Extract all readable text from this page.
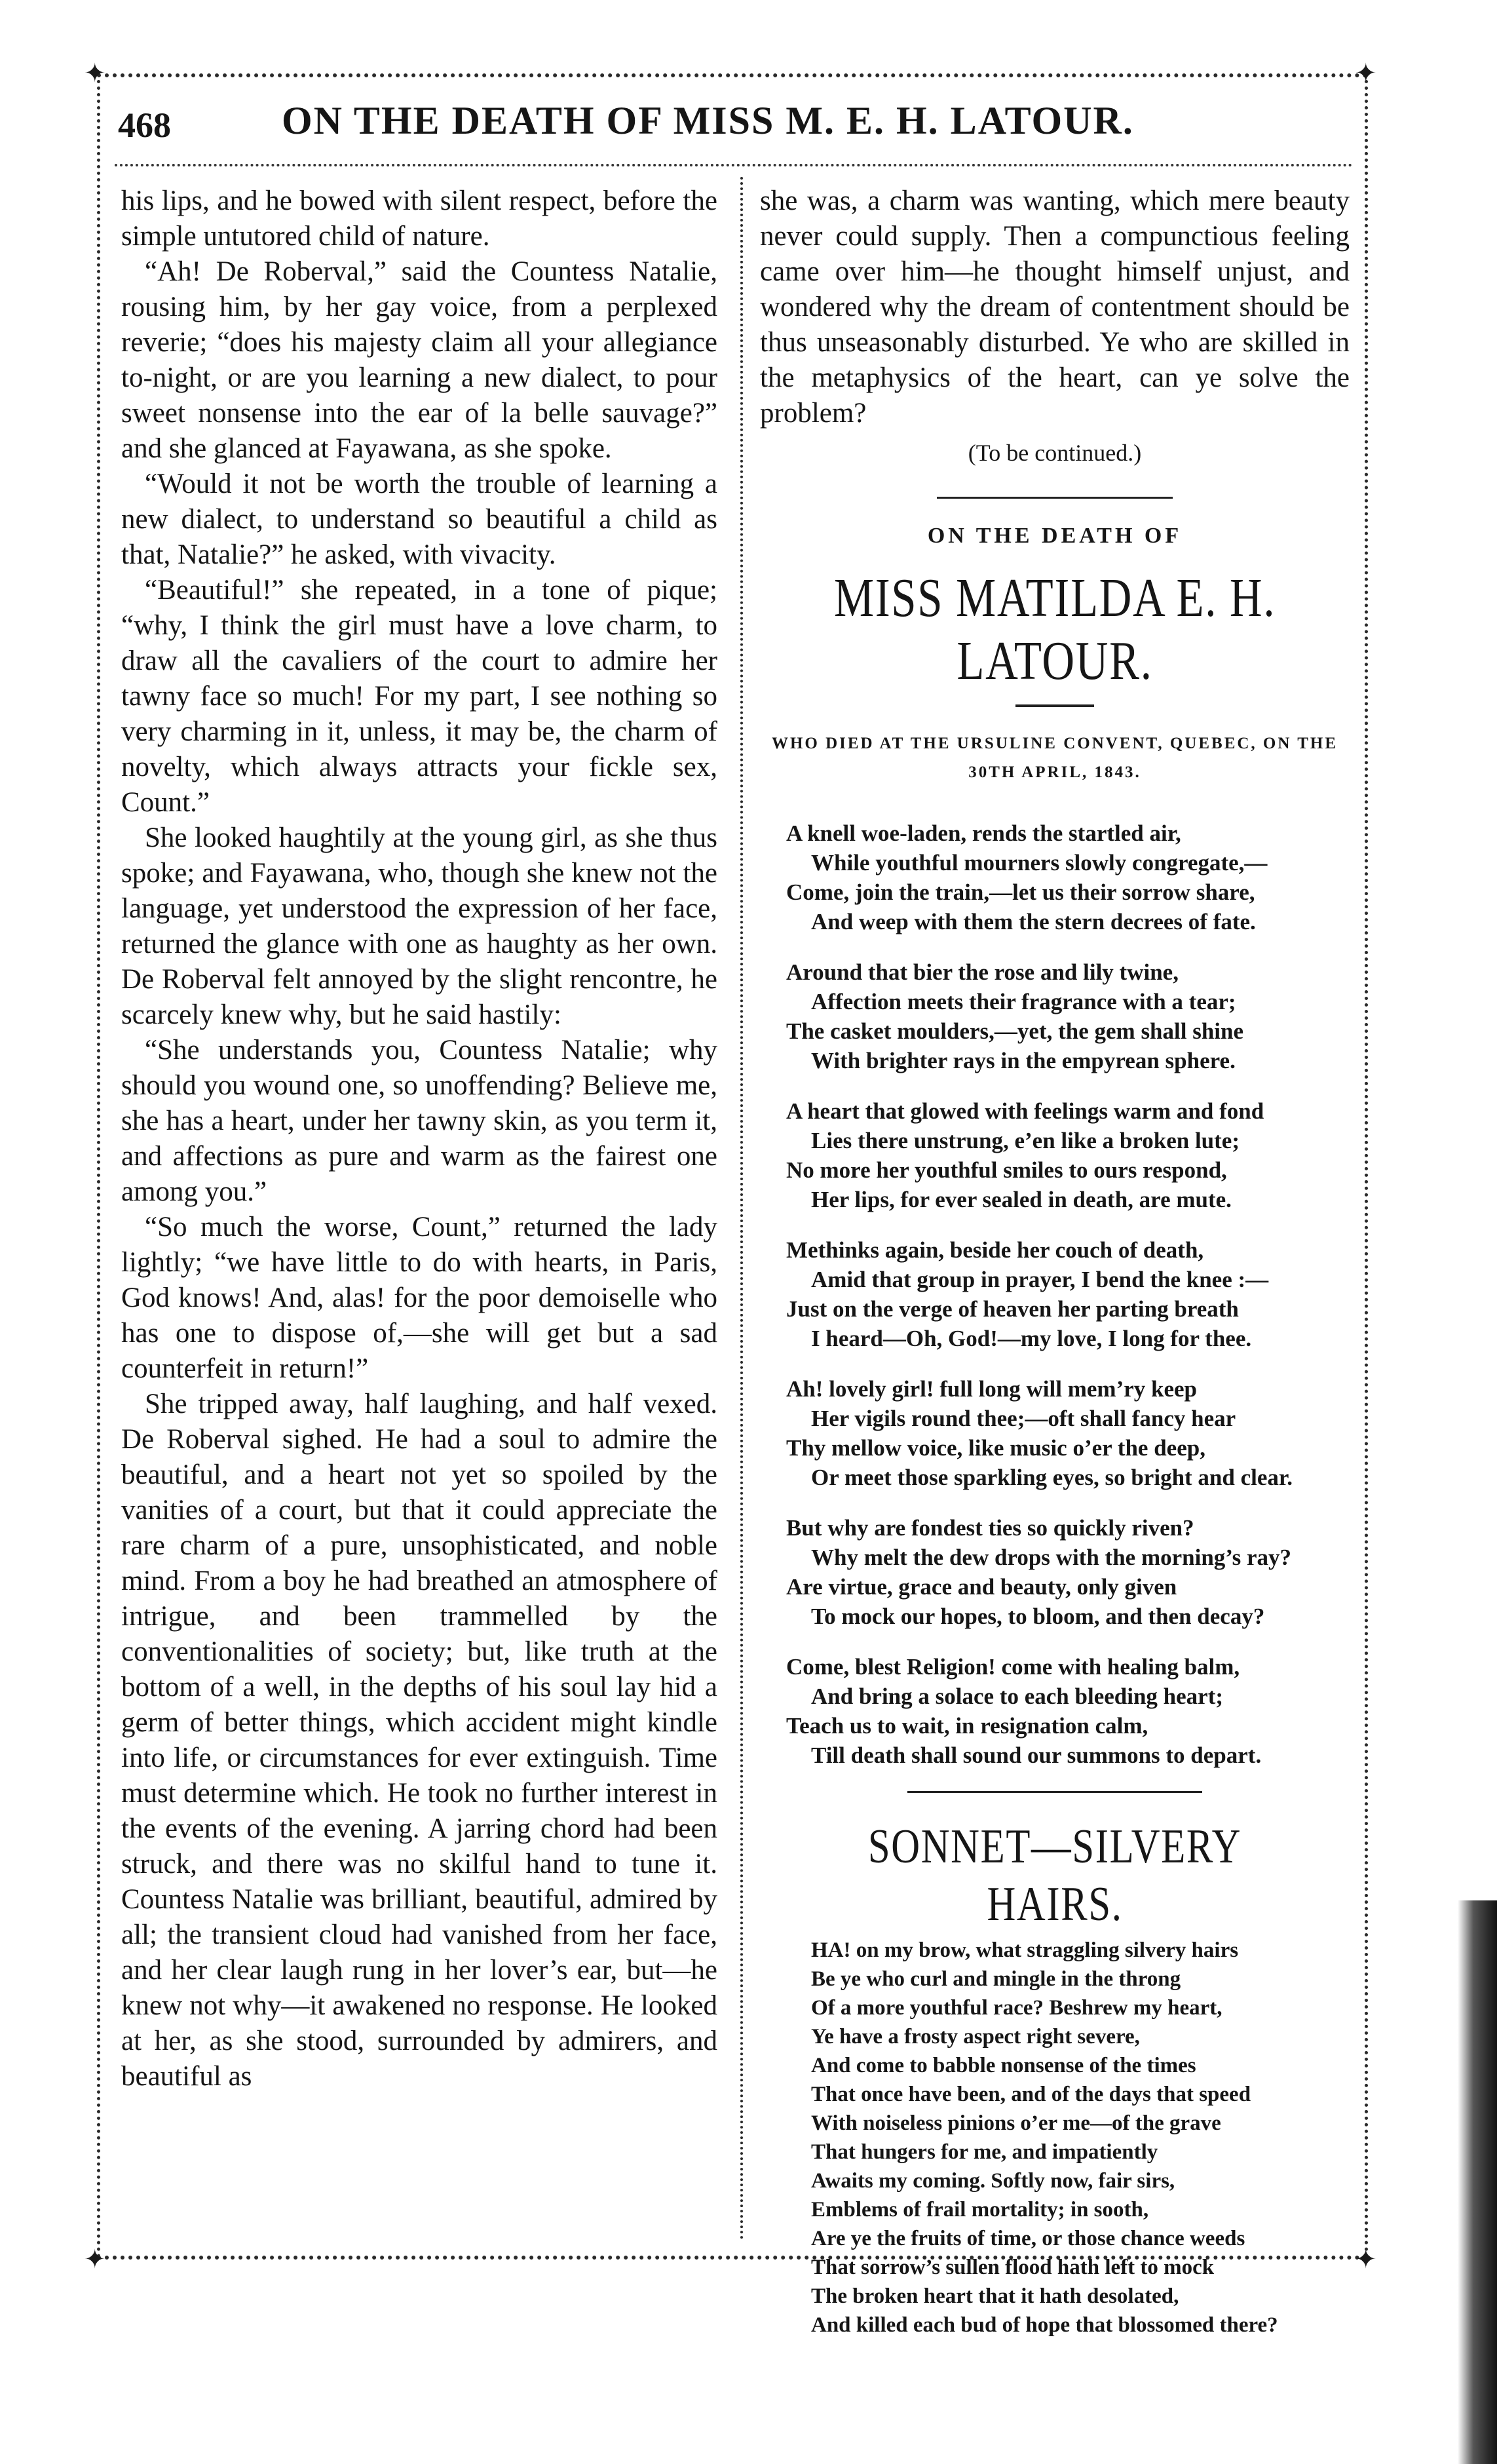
✦	✦
✦	✦
468	ON THE DEATH OF MISS M. E. H. LATOUR.

his lips, and he bowed with silent respect, before the simple untutored child of nature.

“Ah! De Roberval,” said the Countess Natalie, rousing him, by her gay voice, from a perplexed reverie; “does his majesty claim all your allegiance to-night, or are you learning a new dialect, to pour sweet nonsense into the ear of la belle sauvage?” and she glanced at Fayawana, as she spoke.

“Would it not be worth the trouble of learning a new dialect, to understand so beautiful a child as that, Natalie?” he asked, with vivacity.

“Beautiful!” she repeated, in a tone of pique; “why, I think the girl must have a love charm, to draw all the cavaliers of the court to admire her tawny face so much! For my part, I see nothing so very charming in it, unless, it may be, the charm of novelty, which always attracts your fickle sex, Count.”

She looked haughtily at the young girl, as she thus spoke; and Fayawana, who, though she knew not the language, yet understood the expression of her face, returned the glance with one as haughty as her own. De Roberval felt annoyed by the slight rencontre, he scarcely knew why, but he said hastily:

“She understands you, Countess Natalie; why should you wound one, so unoffending? Believe me, she has a heart, under her tawny skin, as you term it, and affections as pure and warm as the fairest one among you.”

“So much the worse, Count,” returned the lady lightly; “we have little to do with hearts, in Paris, God knows! And, alas! for the poor demoiselle who has one to dispose of,—she will get but a sad counterfeit in return!”

She tripped away, half laughing, and half vexed. De Roberval sighed. He had a soul to admire the beautiful, and a heart not yet so spoiled by the vanities of a court, but that it could appreciate the rare charm of a pure, unsophisticated, and noble mind. From a boy he had breathed an atmosphere of intrigue, and been trammelled by the conventionalities of society; but, like truth at the bottom of a well, in the depths of his soul lay hid a germ of better things, which accident might kindle into life, or circumstances for ever extinguish. Time must determine which. He took no further interest in the events of the evening. A jarring chord had been struck, and there was no skilful hand to tune it. Countess Natalie was brilliant, beautiful, admired by all; the transient cloud had vanished from her face, and her clear laugh rung in her lover’s ear, but—he knew not why—it awakened no response. He looked at her, as she stood, surrounded by admirers, and beautiful as

she was, a charm was wanting, which mere beauty never could supply. Then a compunctious feeling came over him—he thought himself unjust, and wondered why the dream of contentment should be thus unseasonably disturbed. Ye who are skilled in the metaphysics of the heart, can ye solve the problem?

(To be continued.)
ON THE DEATH OF
MISS MATILDA E. H. LATOUR.
WHO DIED AT THE URSULINE CONVENT, QUEBEC, ON THE
30TH APRIL, 1843.
A knell woe-laden, rends the startled air,
While youthful mourners slowly congregate,—
Come, join the train,—let us their sorrow share,
And weep with them the stern decrees of fate.
Around that bier the rose and lily twine,
Affection meets their fragrance with a tear;
The casket moulders,—yet, the gem shall shine
With brighter rays in the empyrean sphere.
A heart that glowed with feelings warm and fond
Lies there unstrung, e’en like a broken lute;
No more her youthful smiles to ours respond,
Her lips, for ever sealed in death, are mute.
Methinks again, beside her couch of death,
Amid that group in prayer, I bend the knee :—
Just on the verge of heaven her parting breath
I heard—Oh, God!—my love, I long for thee.
Ah! lovely girl! full long will mem’ry keep
Her vigils round thee;—oft shall fancy hear
Thy mellow voice, like music o’er the deep,
Or meet those sparkling eyes, so bright and clear.
But why are fondest ties so quickly riven?
Why melt the dew drops with the morning’s ray?
Are virtue, grace and beauty, only given
To mock our hopes, to bloom, and then decay?
Come, blest Religion! come with healing balm,
And bring a solace to each bleeding heart;
Teach us to wait, in resignation calm,
Till death shall sound our summons to depart.
SONNET—SILVERY HAIRS.
HA! on my brow, what straggling silvery hairs
Be ye who curl and mingle in the throng
Of a more youthful race? Beshrew my heart,
Ye have a frosty aspect right severe,
And come to babble nonsense of the times
That once have been, and of the days that speed
With noiseless pinions o’er me—of the grave
That hungers for me, and impatiently
Awaits my coming. Softly now, fair sirs,
Emblems of frail mortality; in sooth,
Are ye the fruits of time, or those chance weeds
That sorrow’s sullen flood hath left to mock
The broken heart that it hath desolated,
And killed each bud of hope that blossomed there?
